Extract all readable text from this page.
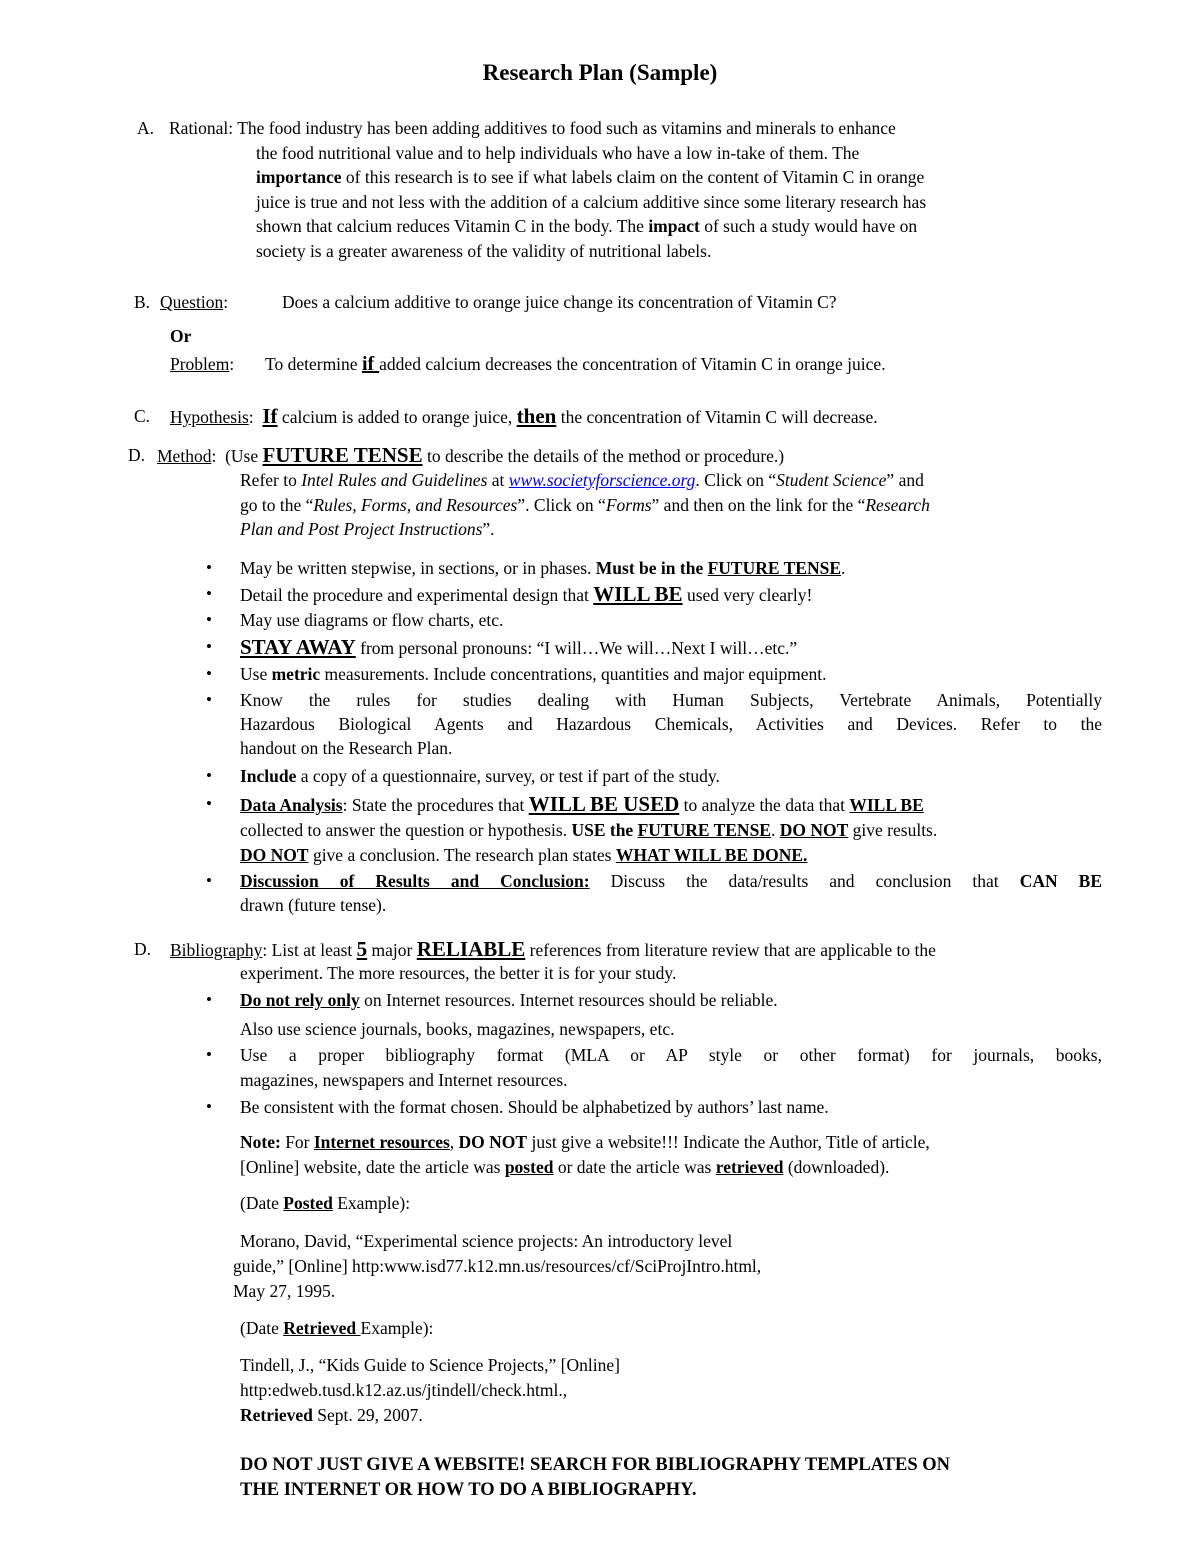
Research Plan (Sample)
A. Rational: The food industry has been adding additives to food such as vitamins and minerals to enhance
the food nutritional value and to help individuals who have a low in-take of them. The
importance of this research is to see if what labels claim on the content of Vitamin C in orange
juice is true and not less with the addition of a calcium additive since some literary research has
shown that calcium reduces Vitamin C in the body. The impact of such a study would have on
society is a greater awareness of the validity of nutritional labels.
B. Question:	Does a calcium additive to orange juice change its concentration of Vitamin C?
Or
Problem: To determine if added calcium decreases the concentration of Vitamin C in orange juice.
C. Hypothesis: If calcium is added to orange juice, then the concentration of Vitamin C will decrease.
D. Method: (Use FUTURE TENSE to describe the details of the method or procedure.)
Refer to Intel Rules and Guidelines at www.societyforscience.org. Click on “Student Science” and
go to the “Rules, Forms, and Resources”. Click on “Forms” and then on the link for the “Research
Plan and Post Project Instructions”.
•	May be written stepwise, in sections, or in phases. Must be in the FUTURE TENSE.
•	Detail the procedure and experimental design that WILL BE used very clearly!
•	May use diagrams or flow charts, etc.
• STAY AWAY from personal pronouns: “I will…We will…Next I will…etc.”
•	Use metric measurements. Include concentrations, quantities and major equipment.
•	Know the rules for studies dealing with Human Subjects, Vertebrate Animals, Potentially
Hazardous Biological Agents and Hazardous Chemicals, Activities and Devices. Refer to the
handout on the Research Plan.
•	Include a copy of a questionnaire, survey, or test if part of the study.
•	Data Analysis: State the procedures that WILL BE USED to analyze the data that WILL BE
collected to answer the question or hypothesis. USE the FUTURE TENSE. DO NOT give results.
DO NOT give a conclusion. The research plan states WHAT WILL BE DONE.
•	Discussion of Results and Conclusion: Discuss the data/results and conclusion that CAN BE
drawn (future tense).
D. Bibliography: List at least 5 major RELIABLE references from literature review that are applicable to the
experiment. The more resources, the better it is for your study.
•	Do not rely only on Internet resources. Internet resources should be reliable.
Also use science journals, books, magazines, newspapers, etc.
•	Use a proper bibliography format (MLA or AP style or other format) for journals, books,
magazines, newspapers and Internet resources.
•	Be consistent with the format chosen. Should be alphabetized by authors’ last name.
Note: For Internet resources, DO NOT just give a website!!! Indicate the Author, Title of article,
[Online] website, date the article was posted or date the article was retrieved (downloaded).
(Date Posted Example):
Morano, David, “Experimental science projects: An introductory level
guide,” [Online] http:www.isd77.k12.mn.us/resources/cf/SciProjIntro.html,
May 27, 1995.
(Date Retrieved Example):
Tindell, J., “Kids Guide to Science Projects,” [Online]
http:edweb.tusd.k12.az.us/jtindell/check.html.,
Retrieved Sept. 29, 2007.
DO NOT JUST GIVE A WEBSITE! SEARCH FOR BIBLIOGRAPHY TEMPLATES ON
THE INTERNET OR HOW TO DO A BIBLIOGRAPHY.
